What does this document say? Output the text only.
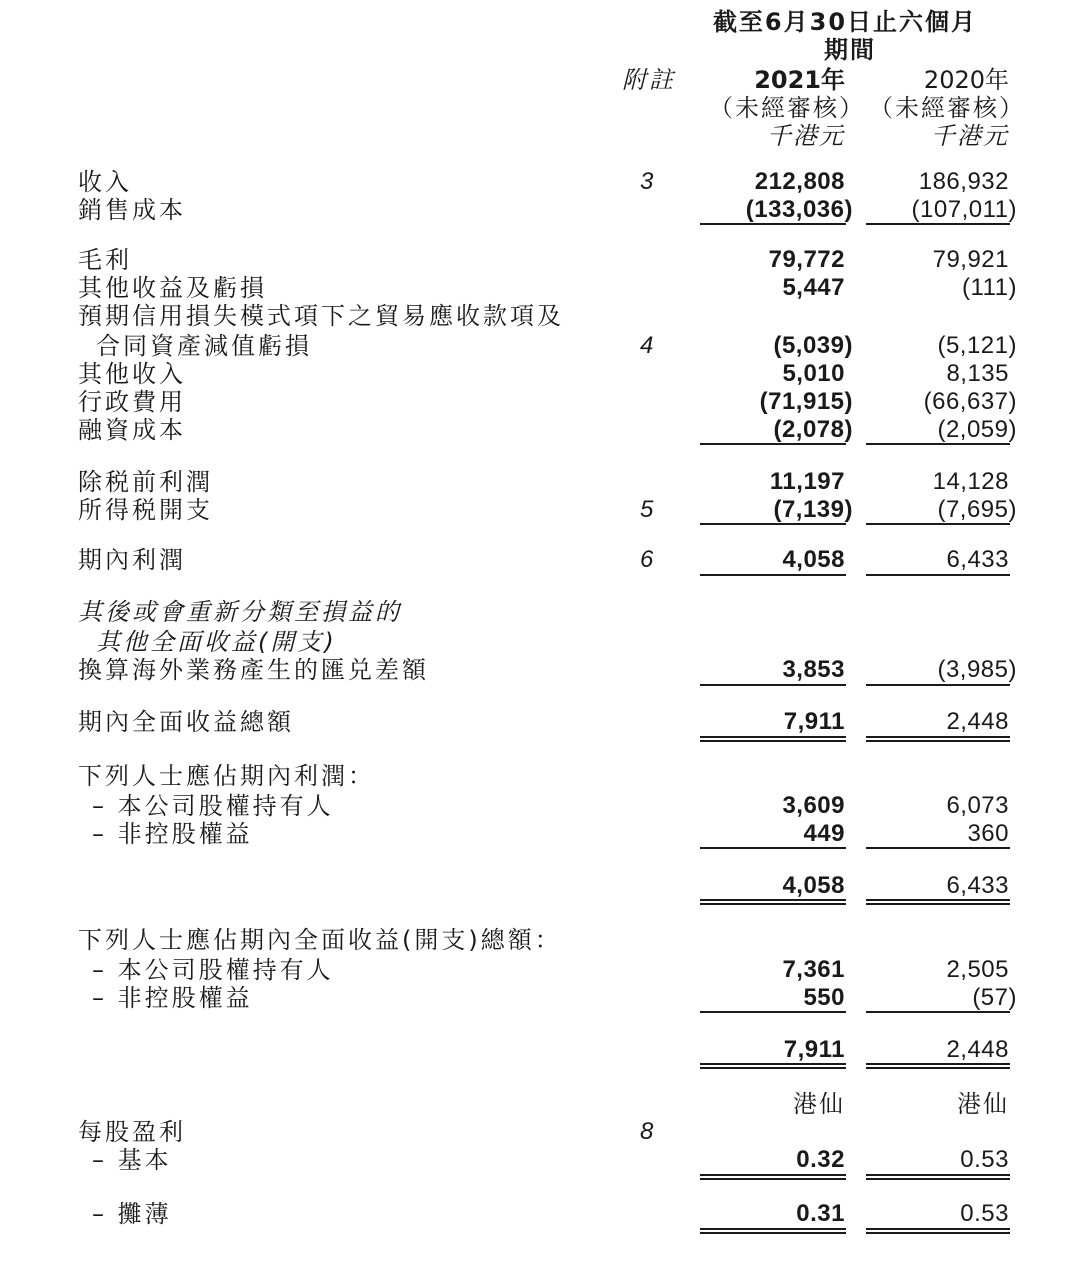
截至6月30日止六個月
期間
附註	2021年	2020年
（未經審核） （未經審核）
千港元	千港元
收入	3	212,808	186,932
銷售成本	(133,036) (107,011)
毛利	79,772	79,921
其他收益及虧損	5,447	(111)
預期信用損失模式項下之貿易應收款項及
合同資產減值虧損	4	(5,039)	(5,121)
其他收入	5,010	8,135
行政費用	(71,915)	(66,637)
融資成本	(2,078)	(2,059)
除税前利潤	11,197	14,128
所得税開支	5	(7,139)	(7,695)
期內利潤	6	4,058	6,433
其後或會重新分類至損益的
其他全面收益(開支)
換算海外業務產生的匯兑差額	3,853	(3,985)
期內全面收益總額	7,911	2,448
下列人士應佔期內利潤：
– 本公司股權持有人	3,609	6,073
– 非控股權益	449	360
4,058	6,433
下列人士應佔期內全面收益(開支)總額：
– 本公司股權持有人	7,361	2,505
– 非控股權益	550	(57)
7,911	2,448
港仙	港仙
每股盈利	8
– 基本	0.32	0.53
– 攤薄	0.31	0.53
